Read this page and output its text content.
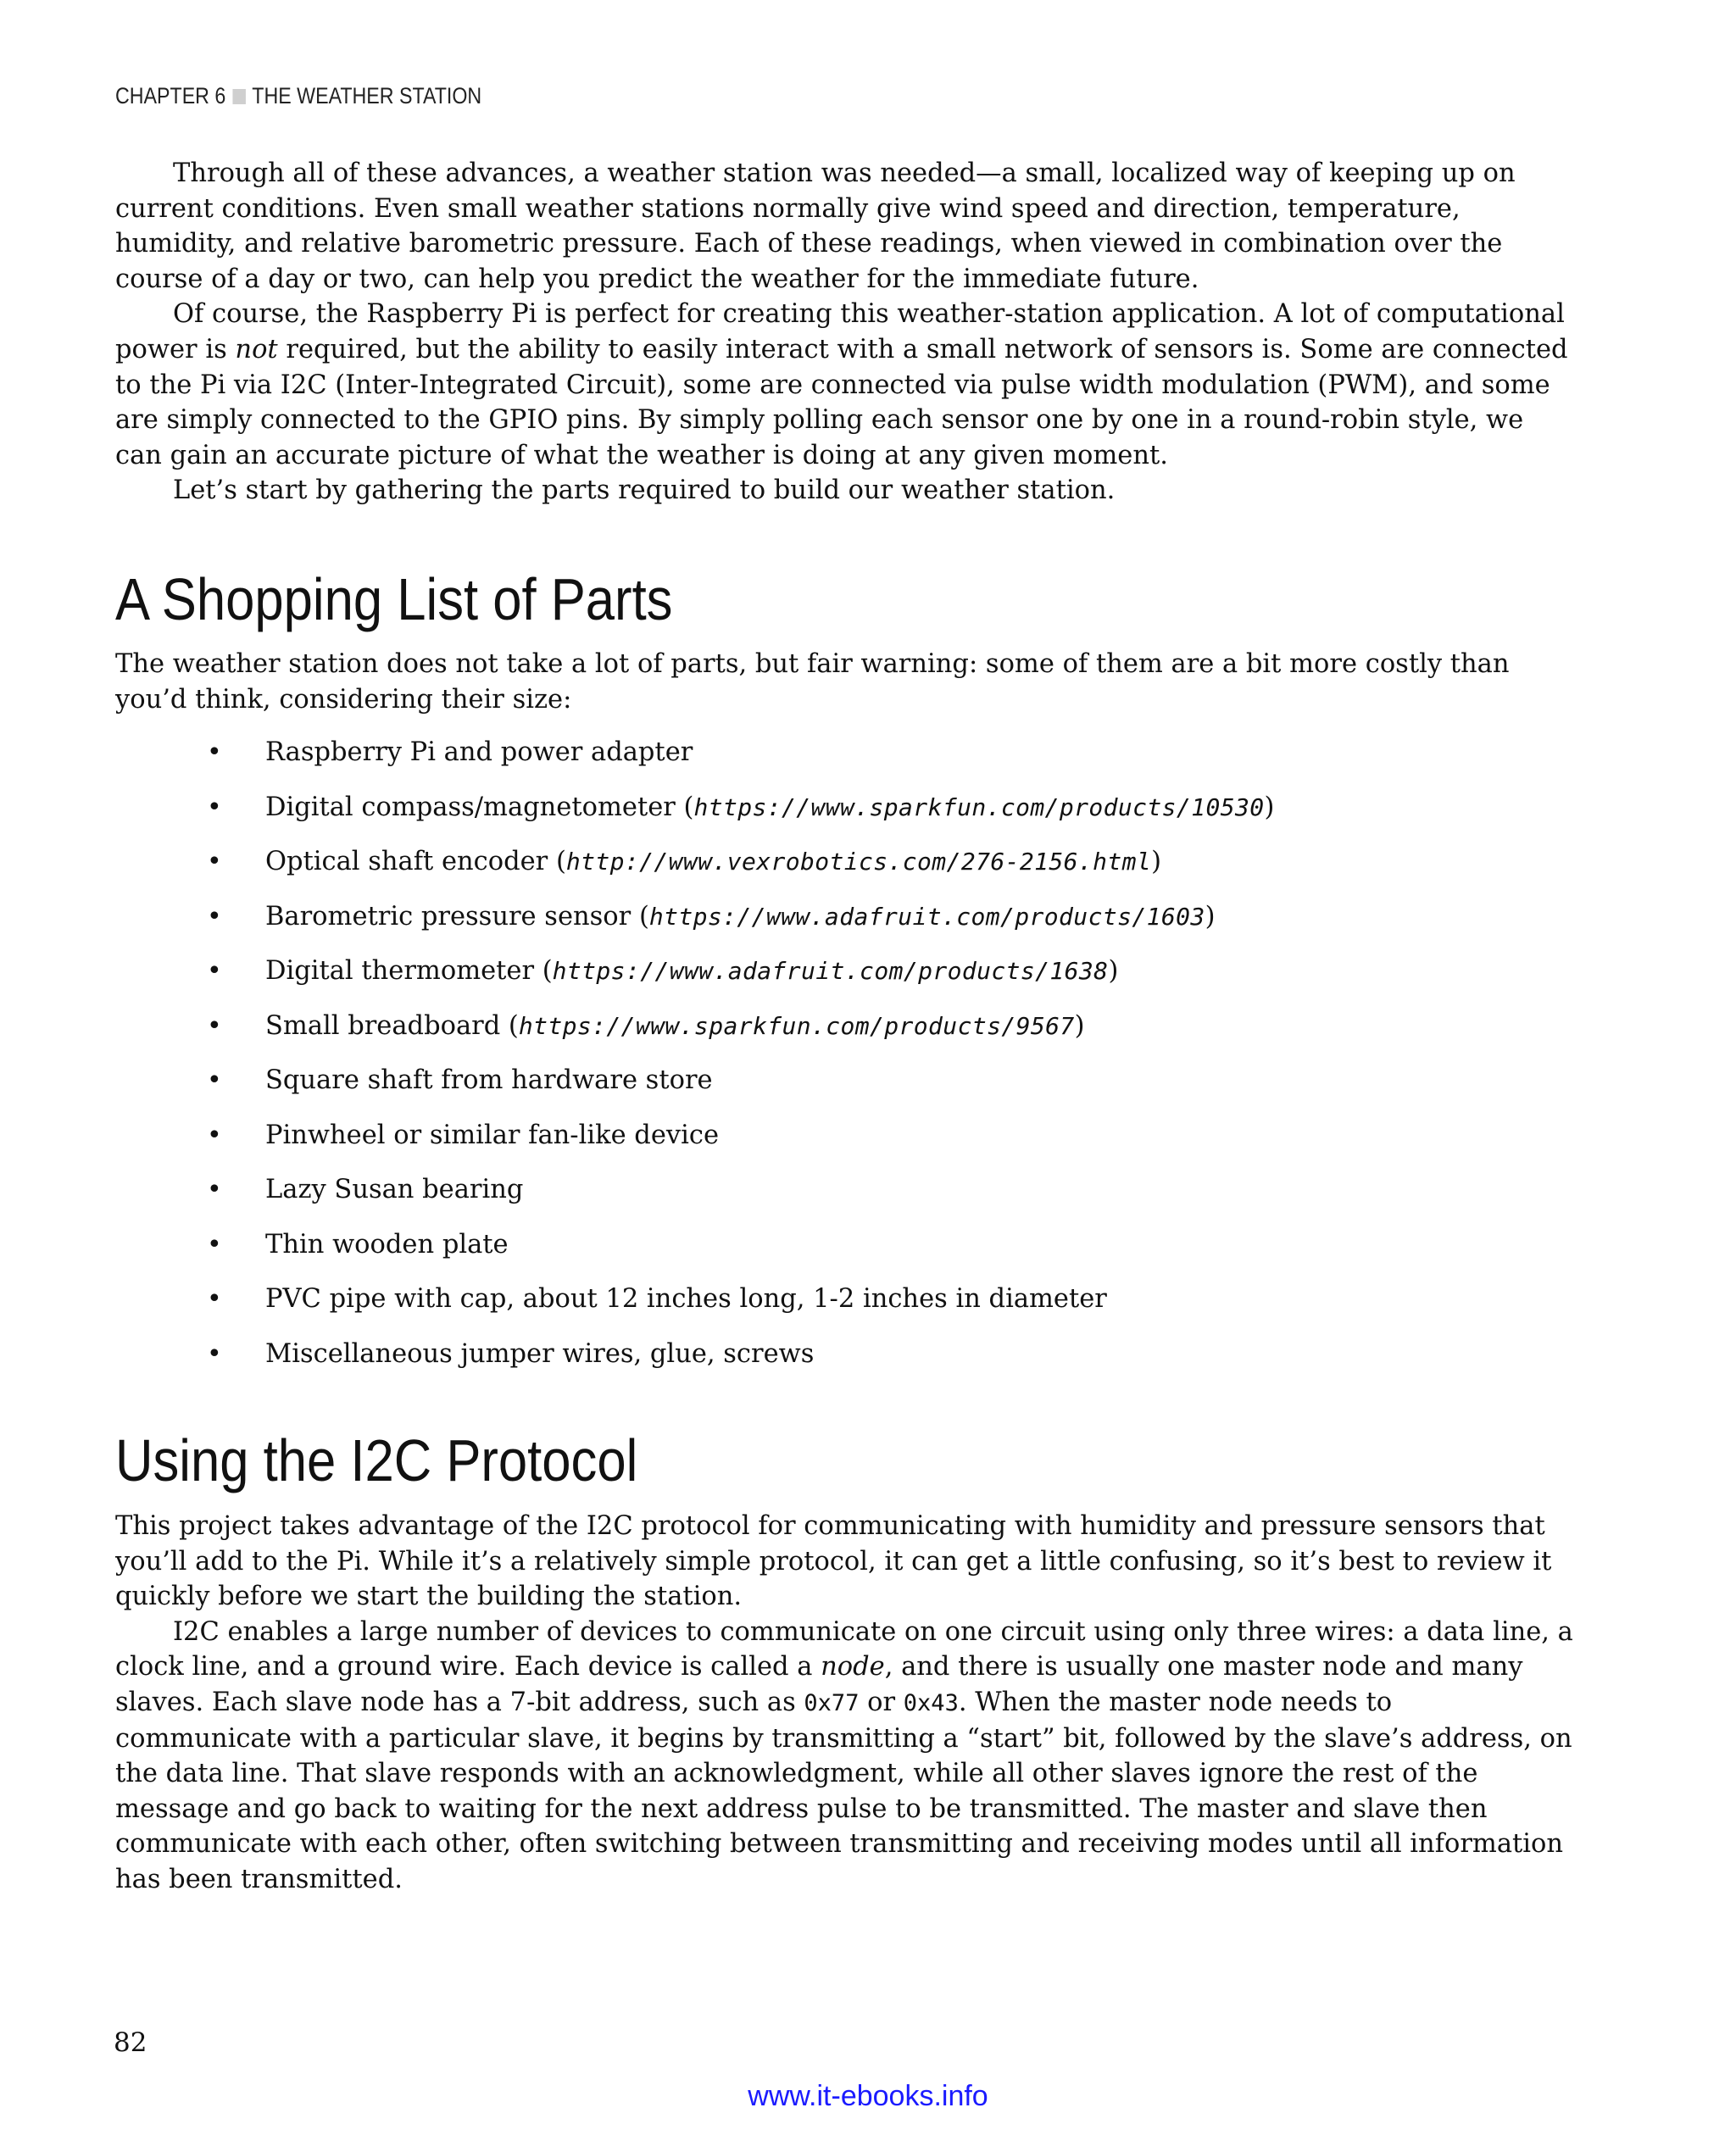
CHAPTER 6 THE WEATHER STATION

Through all of these advances, a weather station was needed—a small, localized way of keeping up on current conditions. Even small weather stations normally give wind speed and direction, temperature, humidity, and relative barometric pressure. Each of these readings, when viewed in combination over the course of a day or two, can help you predict the weather for the immediate future.

Of course, the Raspberry Pi is perfect for creating this weather-station application. A lot of computational power is not required, but the ability to easily interact with a small network of sensors is. Some are connected to the Pi via I2C (Inter-Integrated Circuit), some are connected via pulse width modulation (PWM), and some are simply connected to the GPIO pins. By simply polling each sensor one by one in a round-robin style, we can gain an accurate picture of what the weather is doing at any given moment.

Let’s start by gathering the parts required to build our weather station.

A Shopping List of Parts

The weather station does not take a lot of parts, but fair warning: some of them are a bit more costly than you’d think, considering their size:

• Raspberry Pi and power adapter
• Digital compass/magnetometer (https://www.sparkfun.com/products/10530)
• Optical shaft encoder (http://www.vexrobotics.com/276-2156.html)
• Barometric pressure sensor (https://www.adafruit.com/products/1603)
• Digital thermometer (https://www.adafruit.com/products/1638)
• Small breadboard (https://www.sparkfun.com/products/9567)
• Square shaft from hardware store
• Pinwheel or similar fan-like device
• Lazy Susan bearing
• Thin wooden plate
• PVC pipe with cap, about 12 inches long, 1-2 inches in diameter
• Miscellaneous jumper wires, glue, screws
Using the I2C Protocol

This project takes advantage of the I2C protocol for communicating with humidity and pressure sensors that you’ll add to the Pi. While it’s a relatively simple protocol, it can get a little confusing, so it’s best to review it quickly before we start the building the station.

I2C enables a large number of devices to communicate on one circuit using only three wires: a data line, a clock line, and a ground wire. Each device is called a node, and there is usually one master node and many slaves. Each slave node has a 7-bit address, such as 0x77 or 0x43. When the master node needs to communicate with a particular slave, it begins by transmitting a “start” bit, followed by the slave’s address, on the data line. That slave responds with an acknowledgment, while all other slaves ignore the rest of the message and go back to waiting for the next address pulse to be transmitted. The master and slave then communicate with each other, often switching between transmitting and receiving modes until all information has been transmitted.

82
www.it-ebooks.info
